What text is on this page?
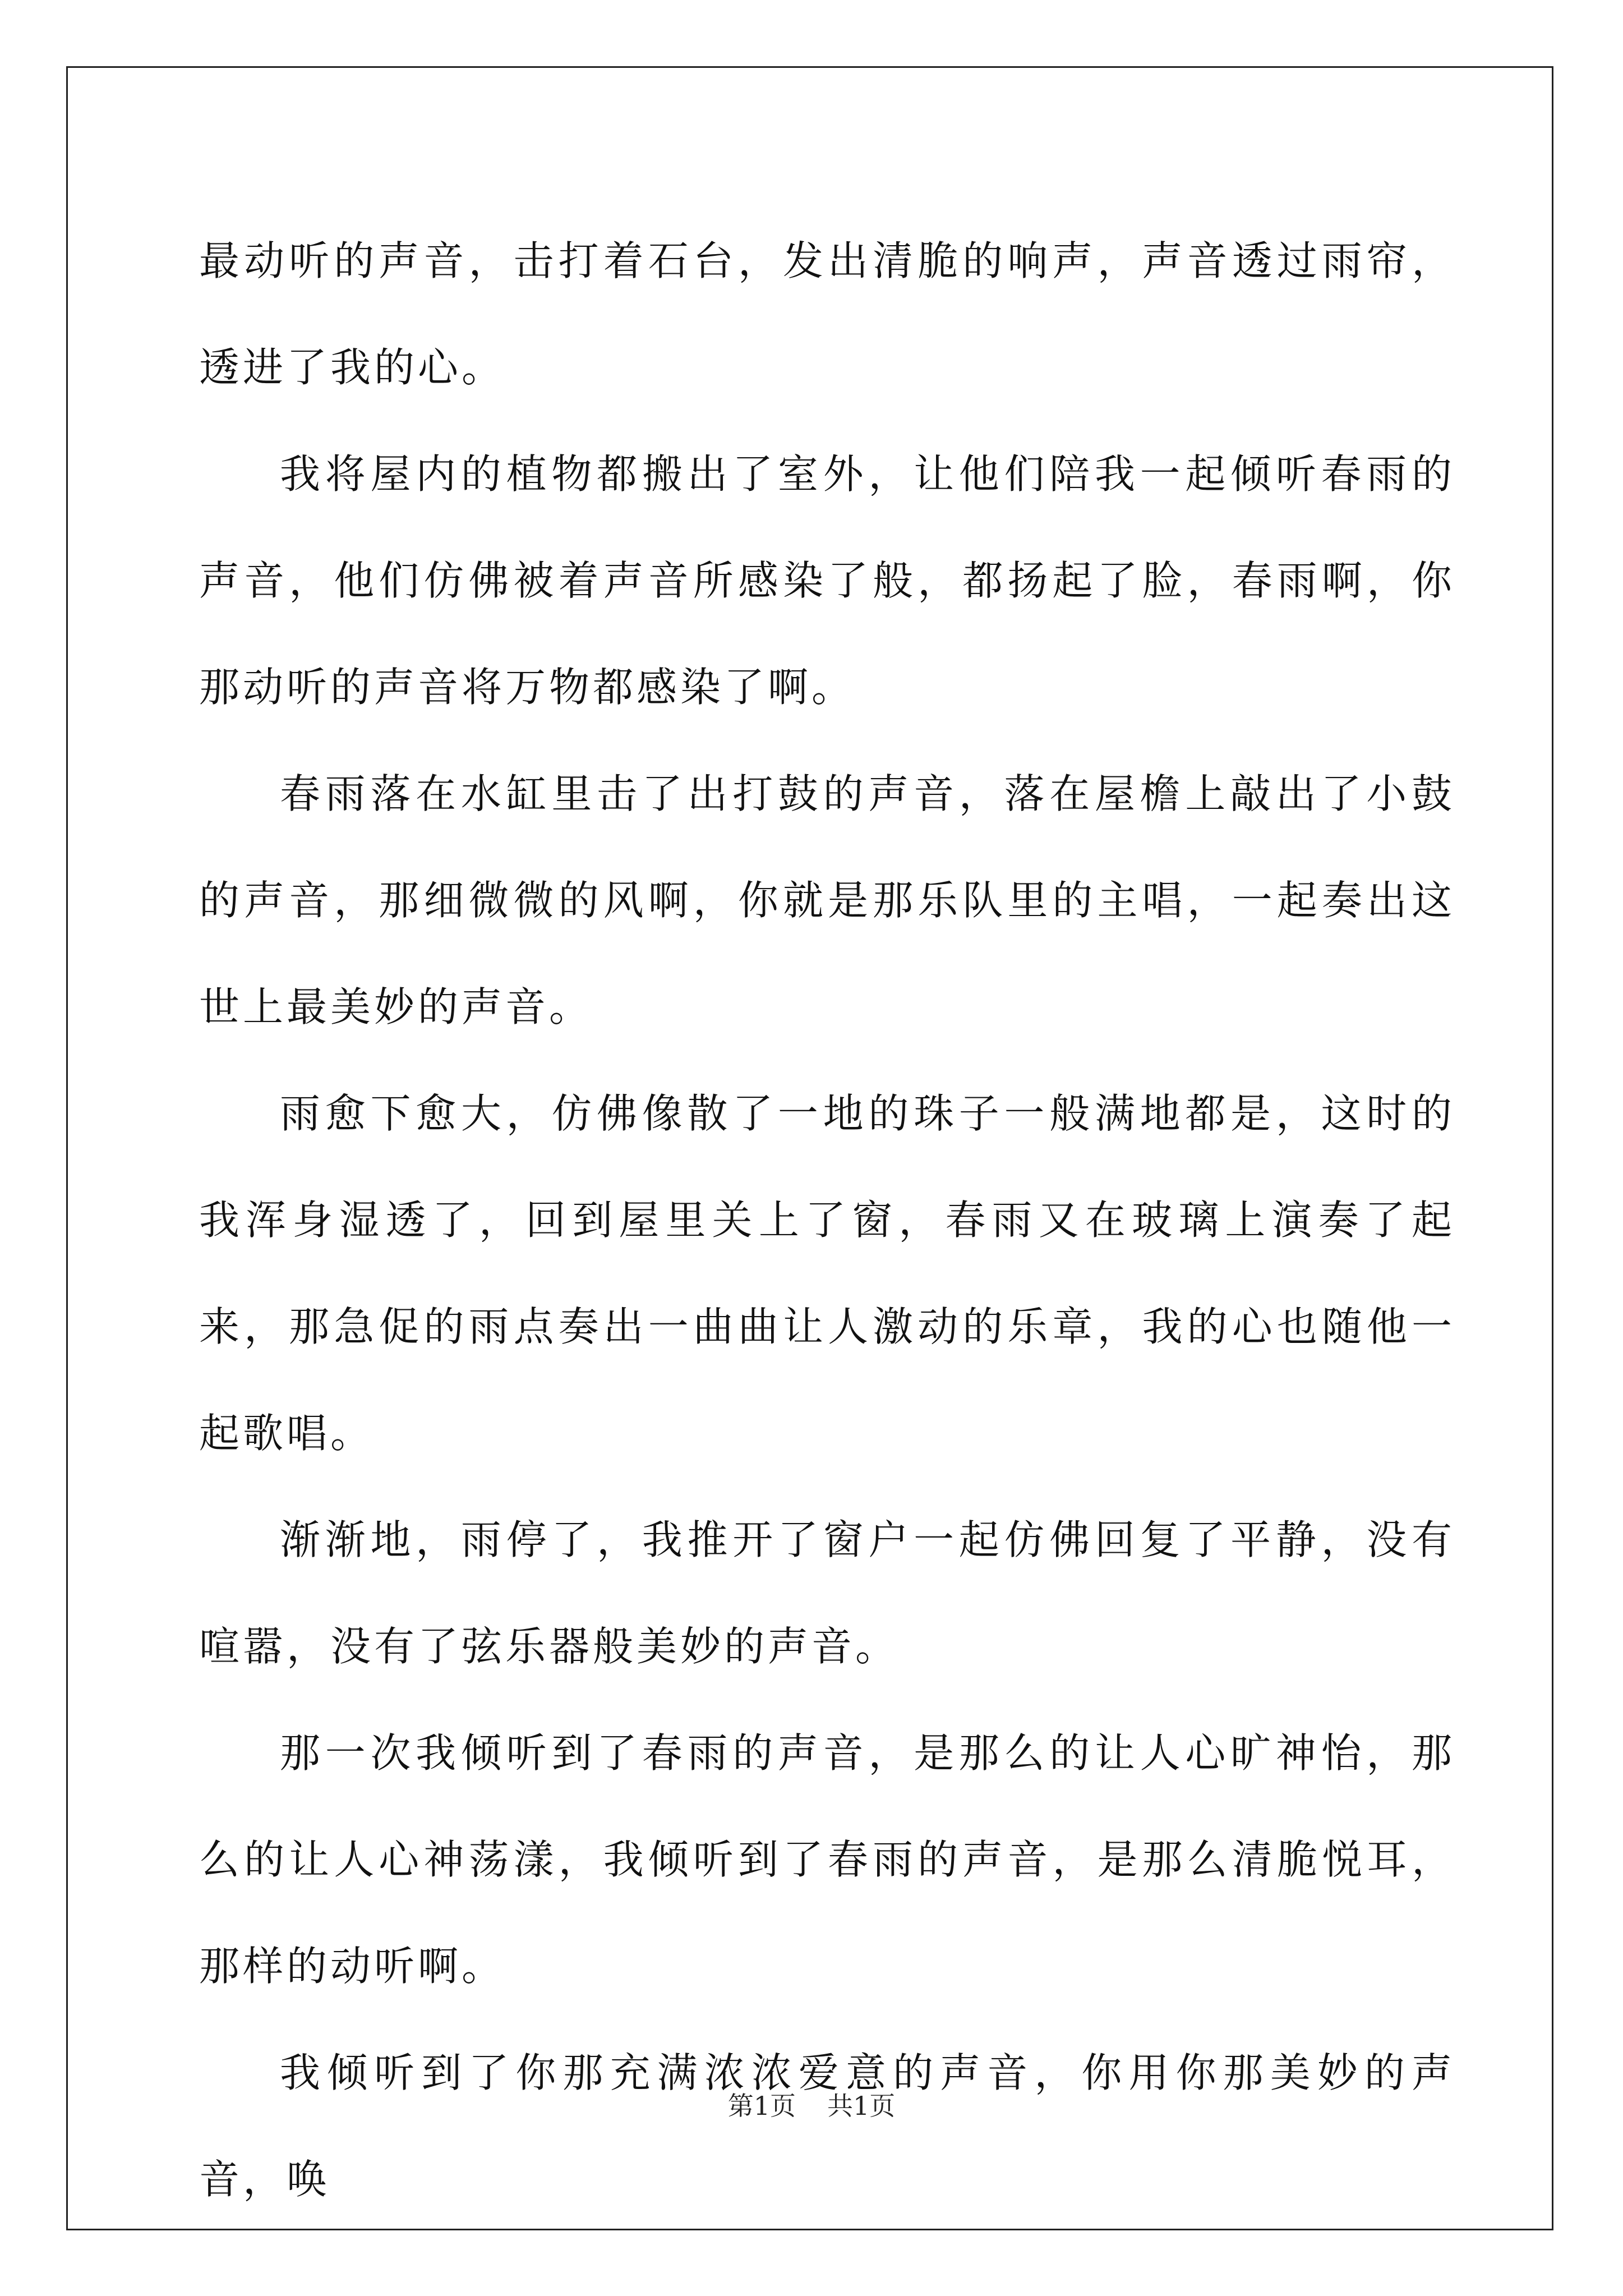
最动听的声音，击打着石台，发出清脆的响声，声音透过雨帘，透进了我的心。

我将屋内的植物都搬出了室外，让他们陪我一起倾听春雨的声音，他们仿佛被着声音所感染了般，都扬起了脸，春雨啊，你那动听的声音将万物都感染了啊。

春雨落在水缸里击了出打鼓的声音，落在屋檐上敲出了小鼓的声音，那细微微的风啊，你就是那乐队里的主唱，一起奏出这世上最美妙的声音。

雨愈下愈大，仿佛像散了一地的珠子一般满地都是，这时的我浑身湿透了，回到屋里关上了窗，春雨又在玻璃上演奏了起来，那急促的雨点奏出一曲曲让人激动的乐章，我的心也随他一起歌唱。

渐渐地，雨停了，我推开了窗户一起仿佛回复了平静，没有喧嚣，没有了弦乐器般美妙的声音。

那一次我倾听到了春雨的声音，是那么的让人心旷神怡，那么的让人心神荡漾，我倾听到了春雨的声音，是那么清脆悦耳，那样的动听啊。

我倾听到了你那充满浓浓爱意的声音，你用你那美妙的声音，唤

第1页 共1页
